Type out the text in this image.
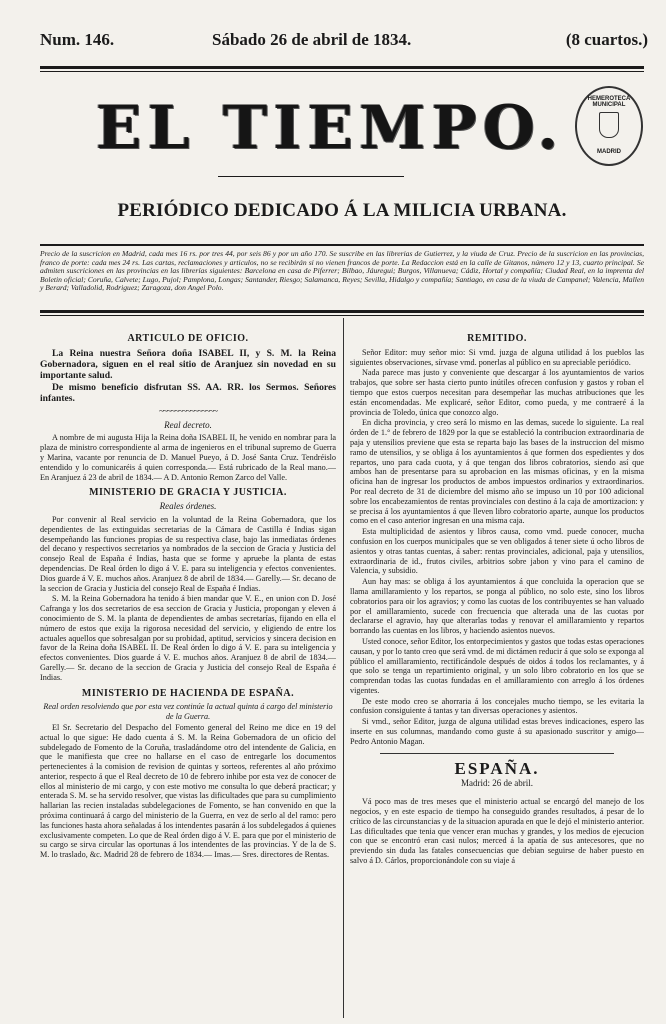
Num. 146.	Sábado 26 de abril de 1834.	(8 cuartos.)
EL TIEMPO.	HEMEROTECA MUNICIPAL
MADRID
PERIÓDICO DEDICADO Á LA MILICIA URBANA.
Precio de la suscricion en Madrid, cada mes 16 rs. por tres 44, por seis 86 y por un año 170. Se suscribe en las librerias de Gutierrez, y la viuda de Cruz. Precio de la suscricion en las provincias, franco de porte: cada mes 24 rs. Las cartas, reclamaciones y articulos, no se recibirán si no vienen francos de porte. La Redaccion está en la calle de Gitanos, número 12 y 13, cuarto principal. Se admiten suscriciones en las provincias en las librerías siguientes: Barcelona en casa de Piferrer; Bilbao, Jáuregui; Burgos, Villanueva; Cádiz, Hortal y compañía; Ciudad Real, en la imprenta del Boletin oficial; Coruña, Calvete; Lugo, Pujol; Pamplona, Longas; Santander, Riesgo; Salamanca, Reyes; Sevilla, Hidalgo y compañía; Santiago, en casa de la viuda de Campanel; Valencia, Mallen y Berard; Valladolid, Rodriguez; Zaragoza, don Angel Polo.
ARTICULO DE OFICIO.

La Reina nuestra Señora doña ISABEL II, y S. M. la Reina Gobernadora, siguen en el real sitio de Aranjuez sin novedad en su importante salud.

De mismo beneficio disfrutan SS. AA. RR. los Sermos. Señores infantes.

~~~~~~~~~~~~~~~
Real decreto.

A nombre de mi augusta Hija la Reina doña ISABEL II, he venido en nombrar para la plaza de ministro correspondiente al arma de ingenieros en el tribunal supremo de Guerra y Marina, vacante por renuncia de D. Manuel Pueyo, á D. José Santa Cruz. Tendréislo entendido y lo comunicaréis á quien corresponda.— Está rubricado de la Real mano.— En Aranjuez á 23 de abril de 1834.— A D. Antonio Remon Zarco del Valle.

MINISTERIO DE GRACIA Y JUSTICIA.
Reales órdenes.

Por convenir al Real servicio en la voluntad de la Reina Gobernadora, que los dependientes de las extinguidas secretarias de la Cámara de Castilla é Indias sigan desempeñando las funciones propias de su respectiva clase, bajo las inmediatas órdenes del decano y respectivos secretarios ya nombrados de la seccion de Gracia y Justicia del consejo Real de España é Indias, hasta que se forme y apruebe la planta de estas dependencias. De Real órden lo digo á V. E. para su inteligencia y efectos convenientes. Dios guarde á V. E. muchos años. Aranjuez 8 de abril de 1834.— Garelly.— Sr. decano de la seccion de Gracia y Justicia del consejo Real de España é Indias.

S. M. la Reina Gobernadora ha tenido á bien mandar que V. E., en union con D. José Cafranga y los dos secretarios de esa seccion de Gracia y Justicia, propongan y eleven á conocimiento de S. M. la planta de dependientes de ambas secretarías, fijando en ella el número de estos que exija la rigorosa necesidad del servicio, y eligiendo de entre los actuales aquellos que sobresalgan por su probidad, aptitud, servicios y sincera decision en favor de la Reina doña ISABEL II. De Real órden lo digo á V. E. para su inteligencia y efectos convenientes. Dios guarde á V. E. muchos años. Aranjuez 8 de abril de 1834.— Garelly.— Sr. decano de la seccion de Gracia y Justicia del consejo Real de España é Indias.

MINISTERIO DE HACIENDA DE ESPAÑA.

Real orden resolviendo que por esta vez continúe la actual quinta á cargo del ministerio de la Guerra.

El Sr. Secretario del Despacho del Fomento general del Reino me dice en 19 del actual lo que sigue: He dado cuenta á S. M. la Reina Gobernadora de un oficio del subdelegado de Fomento de la Coruña, trasladándome otro del intendente de Galicia, en que le manifiesta que cree no hallarse en el caso de entregarle los documentos pertenecientes á la comision de revision de quintas y sorteos, referentes al año próximo anterior, respecto á que el Real decreto de 10 de febrero inhibe por esta vez de conocer de ellos al ministerio de mi cargo, y con este motivo me consulta lo que deberá practicar; y enterada S. M. se ha servido resolver, que vistas las dificultades que para su cumplimiento hallarian las recien instaladas subdelegaciones de Fomento, se han convenido en que la próxima continuará á cargo del ministerio de la Guerra, en vez de serlo al del ramo: pero las funciones hasta ahora señaladas á los intendentes pasarán á los subdelegados á quienes exclusivamente competen. Lo que de Real órden digo á V. E. para que por el ministerio de su cargo se sirva circular las oportunas á los intendentes de las provincias. Y de la de S. M. lo traslado, &c. Madrid 28 de febrero de 1834.— Imas.— Sres. directores de Rentas.

REMITIDO.

Señor Editor: muy señor mio: Si vmd. juzga de alguna utilidad á los pueblos las siguientes observaciones, sírvase vmd. ponerlas al público en su apreciable periódico.

Nada parece mas justo y conveniente que descargar á los ayuntamientos de varios trabajos, que sobre ser hasta cierto punto inútiles ofrecen confusion y gastos y roban el tiempo que estos cuerpos necesitan para desempeñar las muchas atribuciones que les están encomendadas. Me explicaré, señor Editor, como pueda, y me contraeré á la provincia de Toledo, única que conozco algo.

En dicha provincia, y creo será lo mismo en las demas, sucede lo siguiente. La real órden de 1.° de febrero de 1829 por la que se estableció la contribucion extraordinaria de paja y utensilios previene que esta se reparta bajo las bases de la instruccion del mismo ramo de utensilios, y se obliga á los ayuntamientos á que formen dos espedientes y dos repartos, uno para cada cuota, y á que tengan dos libros cobratorios, siendo así que ambos han de presentarse para su aprobacion en las mismas oficinas, y en la misma oficina han de ingresar los productos de ambos impuestos ordinarios y extraordinarios. Por real decreto de 31 de diciembre del mismo año se impuso un 10 por 100 adicional sobre los encabezamientos de rentas provinciales con destino á la caja de amortizacion: y se precisa á los ayuntamientos á que lleven libro cobratorio aparte, aunque los productos como en el caso anterior ingresan en una misma caja.

Esta multiplicidad de asientos y libros causa, como vmd. puede conocer, mucha confusion en los cuerpos municipales que se ven obligados á tener siete ú ocho libros de asientos y otras tantas cuentas, á saber: rentas provinciales, adicional, paja y utensilios, extraordinaria de id., frutos civiles, arbitrios sobre jabon y vino para el camino de Valencia, y subsidio.

Aun hay mas: se obliga á los ayuntamientos á que concluida la operacion que se llama amillaramiento y los repartos, se ponga al público, no solo este, sino los libros cobratorios para oir los agravios; y como las cuotas de los contribuyentes se han valuado por el amillaramiento, sucede con frecuencia que alterada una de las cuotas por declararse el agravio, hay que alterarlas todas y renovar el amillaramiento y repartos borrando las cuentas en los libros, y haciendo asientos nuevos.

Usted conoce, señor Editor, los entorpecimientos y gastos que todas estas operaciones causan, y por lo tanto creo que será vmd. de mi dictámen reducir á que solo se exponga al público el amillaramiento, rectificándole después de oidos á todos los reclamantes, y á que solo se tenga un repartimiento original, y un solo libro cobratorio en los que se comprendan todas las cuotas fundadas en el amillaramiento con arreglo á los órdenes vigentes.

De este modo creo se ahorraria á los concejales mucho tiempo, se les evitaria la confusion consiguiente á tantas y tan diversas operaciones y asientos.

Si vmd., señor Editor, juzga de alguna utilidad estas breves indicaciones, espero las inserte en sus columnas, mandando como guste á su apasionado suscritor y amigo— Pedro Antonio Magan.

ESPAÑA.

Madrid: 26 de abril.

Vá poco mas de tres meses que el ministerio actual se encargó del manejo de los negocios, y en este espacio de tiempo ha conseguido grandes resultados, á pesar de lo crítico de las circunstancias y de la situacion apurada en que le dejó el ministerio anterior. Las dificultades que tenia que vencer eran muchas y grandes, y los medios de ejecucion con que se encontró eran casi nulos; merced á la apatía de sus antecesores, que no previendo sin duda las fatales consecuencias que debian seguirse de haber puesto en salvo á D. Cárlos, proporcionándole con su viaje á
